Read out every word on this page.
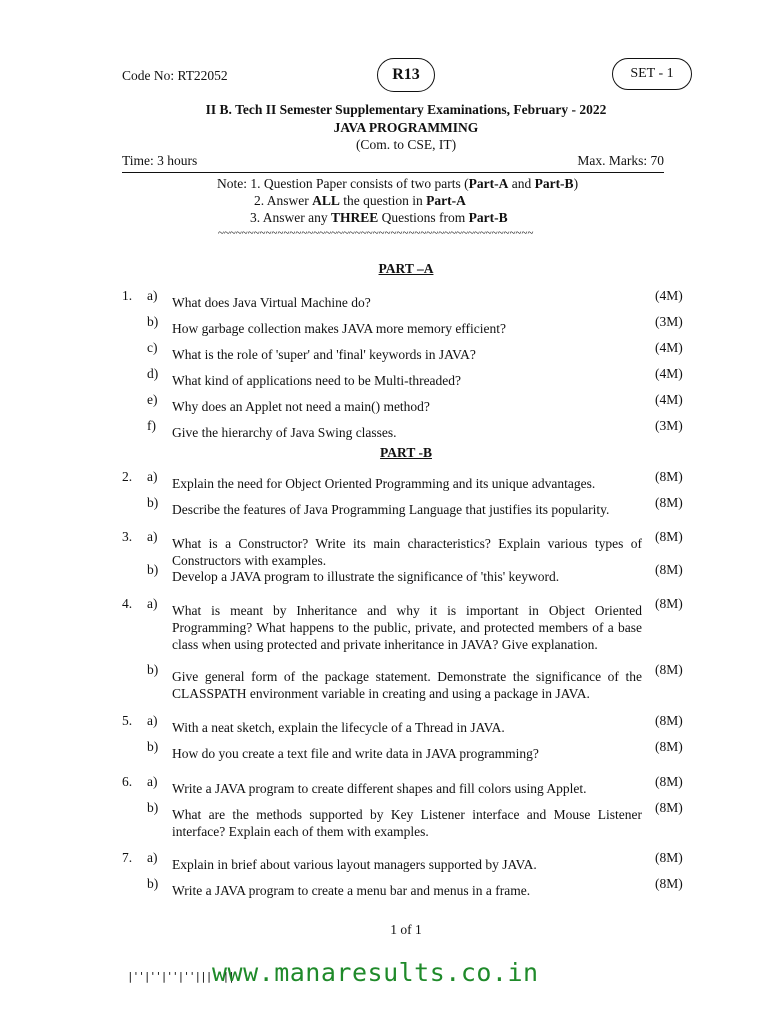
Code No: RT22052	R13	SET - 1
II B. Tech II Semester Supplementary Examinations, February - 2022
JAVA PROGRAMMING
(Com. to CSE, IT)
Time: 3 hours	Max. Marks: 70
Note: 1. Question Paper consists of two parts (Part-A and Part-B)
2. Answer ALL the question in Part-A
3. Answer any THREE Questions from Part-B
~~~~~~~~~~~~~~~~~~~~~~~~~~~~~~~~~~~~~~~~~~~~~~~~~~~~~
PART –A
1. a) What does Java Virtual Machine do?	(4M)
b) How garbage collection makes JAVA more memory efficient?	(3M)
c) What is the role of 'super' and 'final' keywords in JAVA?	(4M)
d) What kind of applications need to be Multi-threaded?	(4M)
e) Why does an Applet not need a main() method?	(4M)
f) Give the hierarchy of Java Swing classes.	(3M)
PART -B
2. a) Explain the need for Object Oriented Programming and its unique advantages.	(8M)
b) Describe the features of Java Programming Language that justifies its popularity.	(8M)
3. a) What is a Constructor? Write its main characteristics? Explain various types of Constructors with examples.
(8M)
b) Develop a JAVA program to illustrate the significance of 'this' keyword.	(8M)
4. a) What is meant by Inheritance and why it is important in Object Oriented Programming? What happens to the public, private, and protected members of a base class when using protected and private inheritance in JAVA? Give explanation.
(8M)
b) Give general form of the package statement. Demonstrate the significance of the CLASSPATH environment variable in creating and using a package in JAVA.
(8M)
5. a) With a neat sketch, explain the lifecycle of a Thread in JAVA.	(8M)
b) How do you create a text file and write data in JAVA programming?	(8M)
6. a) Write a JAVA program to create different shapes and fill colors using Applet.	(8M)
b) What are the methods supported by Key Listener interface and Mouse Listener interface? Explain each of them with examples.
(8M)
7. a) Explain in brief about various layout managers supported by JAVA.	(8M)
b) Write a JAVA program to create a menu bar and menus in a frame.	(8M)
1 of 1
|''|''|''|''|||''||
www.manaresults.co.in
